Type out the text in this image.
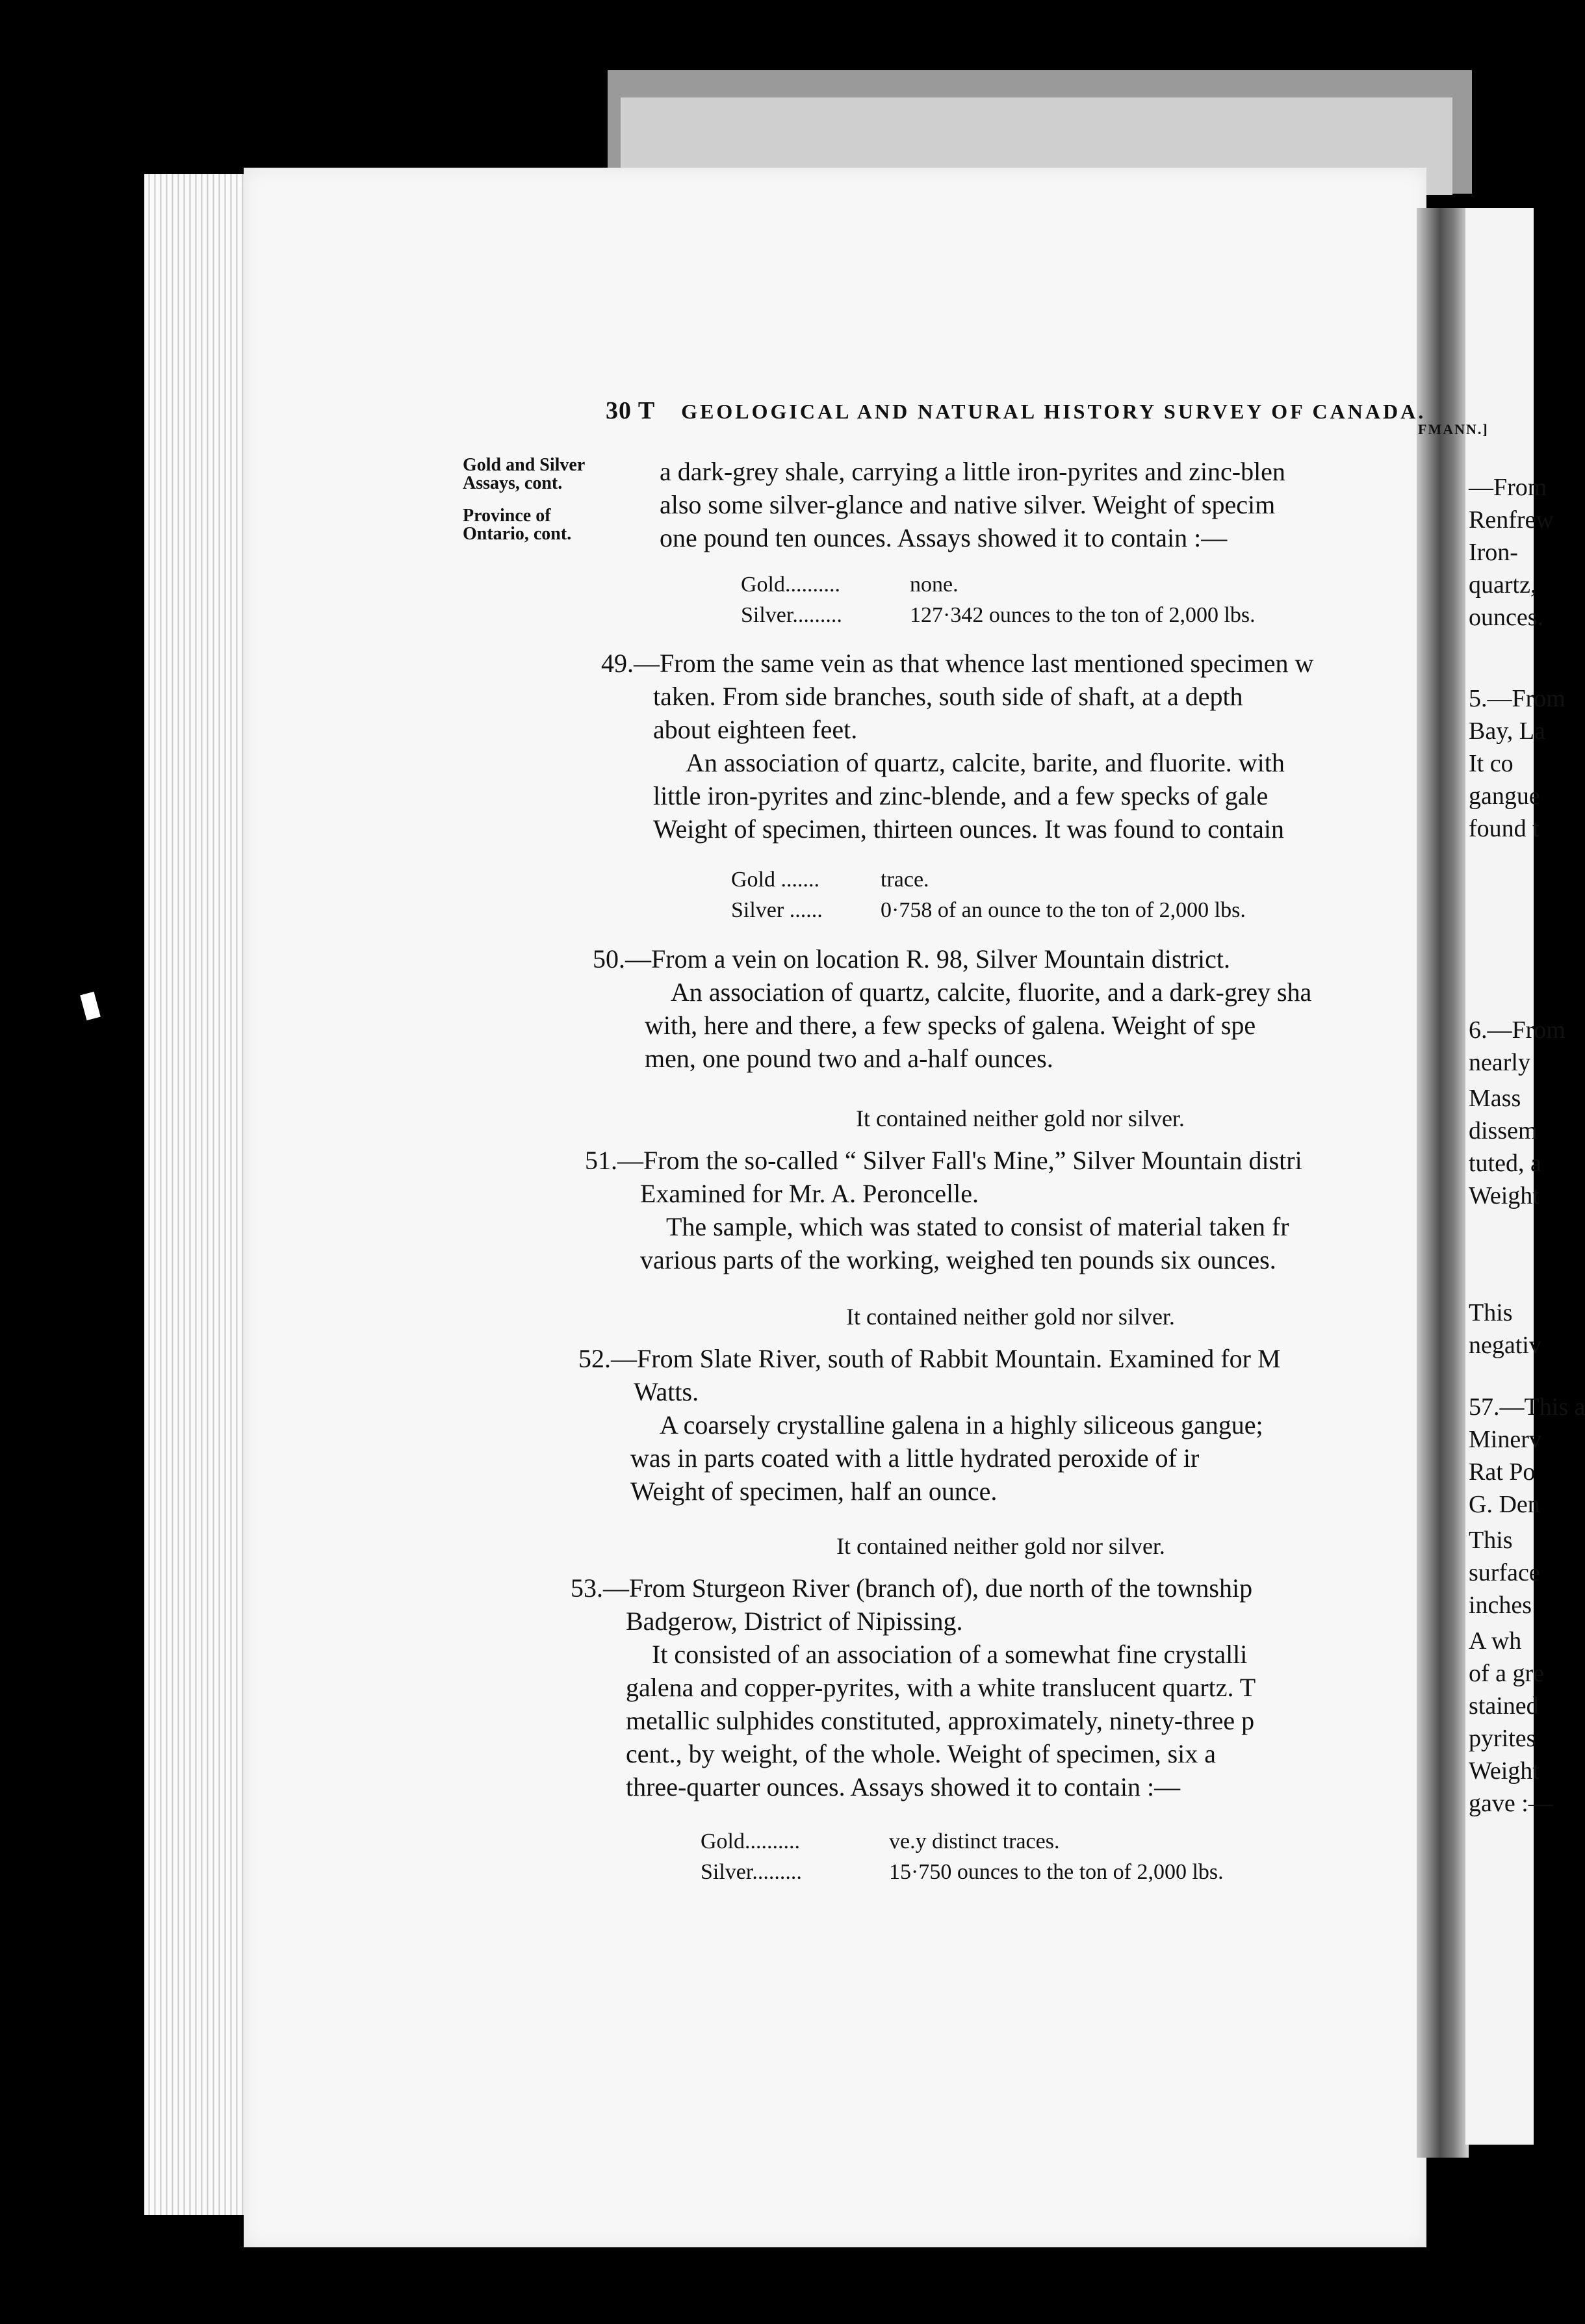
—From
Renfrew
Iron-
quartz,
ounces.
5.—From
Bay, La
It co
gangue
found t
6.—From
nearly
Mass
dissem
tuted, a
Weight
This
negativ
57.—This a
Minerv
Rat Po
G. Den
This
surface
inches
A wh
of a gre
stained
pyrites
Weight
gave :—
30 T GEOLOGICAL AND NATURAL HISTORY SURVEY OF CANADA.
FMANN.]
Gold and Silver
Assays, cont.
Province of
Ontario, cont.
a dark-grey shale, carrying a little iron-pyrites and zinc-blen
also some silver-glance and native silver. Weight of specim
one pound ten ounces. Assays showed it to contain :—
Gold..........	none.
Silver.........	127·342 ounces to the ton of 2,000 lbs.
49.—From the same vein as that whence last mentioned specimen w
taken. From side branches, south side of shaft, at a depth
about eighteen feet.
An association of quartz, calcite, barite, and fluorite. with
little iron-pyrites and zinc-blende, and a few specks of gale
Weight of specimen, thirteen ounces. It was found to contain
Gold .......	trace.
Silver ......	0·758 of an ounce to the ton of 2,000 lbs.
50.—From a vein on location R. 98, Silver Mountain district.
An association of quartz, calcite, fluorite, and a dark-grey sha
with, here and there, a few specks of galena. Weight of spe
men, one pound two and a-half ounces.
It contained neither gold nor silver.
51.—From the so-called “ Silver Fall's Mine,” Silver Mountain distri
Examined for Mr. A. Peroncelle.
The sample, which was stated to consist of material taken fr
various parts of the working, weighed ten pounds six ounces.
It contained neither gold nor silver.
52.—From Slate River, south of Rabbit Mountain. Examined for M
Watts.
A coarsely crystalline galena in a highly siliceous gangue;
was in parts coated with a little hydrated peroxide of ir
Weight of specimen, half an ounce.
It contained neither gold nor silver.
53.—From Sturgeon River (branch of), due north of the township
Badgerow, District of Nipissing.
It consisted of an association of a somewhat fine crystalli
galena and copper-pyrites, with a white translucent quartz. T
metallic sulphides constituted, approximately, ninety-three p
cent., by weight, of the whole. Weight of specimen, six a
three-quarter ounces. Assays showed it to contain :—
Gold..........	ve.y distinct traces.
Silver.........	15·750 ounces to the ton of 2,000 lbs.
